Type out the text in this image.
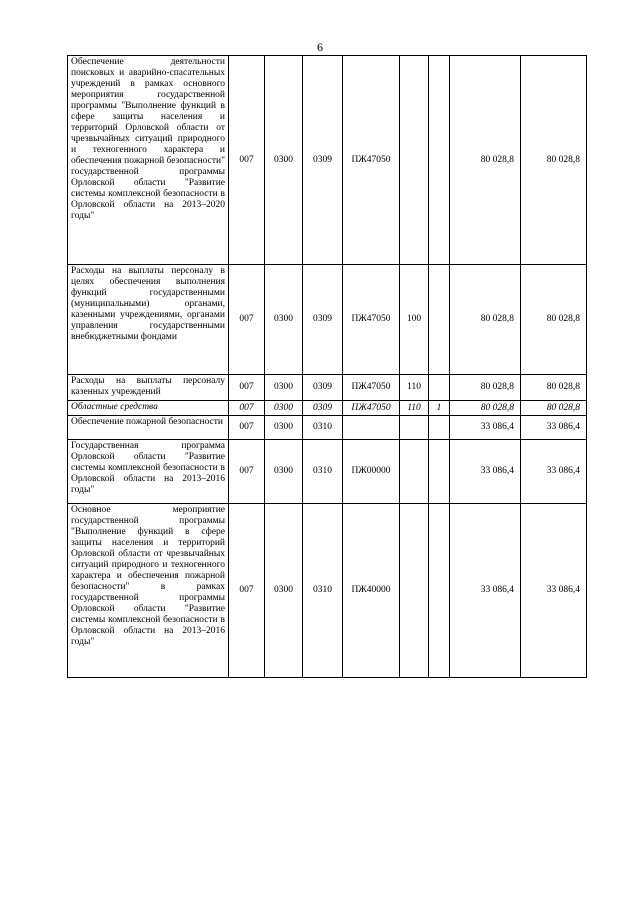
6
Обеспечение деятельности поисковых и аварийно-спасательных учреждений в рамках основного мероприятия государственной программы "Выполнение функций в сфере защиты населения и территорий Орловской области от чрезвычайных ситуаций природного и техногенного характера и обеспечения пожарной безопасности" государственной программы Орловской области "Развитие системы комплексной безопасности в Орловской области на 2013–2020 годы"	007	0300	0309	ПЖ47050			80 028,8	80 028,8
Расходы на выплаты персоналу в целях обеспечения выполнения функций государственными (муниципальными) органами, казенными учреждениями, органами управления государственными внебюджетными фондами	007	0300	0309	ПЖ47050	100		80 028,8	80 028,8
Расходы на выплаты персоналу казенных учреждений	007	0300	0309	ПЖ47050	110		80 028,8	80 028,8
Областные средства	007	0300	0309	ПЖ47050	110	1	80 028,8	80 028,8
Обеспечение пожарной безопасности	007	0300	0310				33 086,4	33 086,4
Государственная программа Орловской области "Развитие системы комплексной безопасности в Орловской области на 2013–2016 годы"	007	0300	0310	ПЖ00000			33 086,4	33 086,4
Основное мероприятие государственной программы "Выполнение функций в сфере защиты населения и территорий Орловской области от чрезвычайных ситуаций природного и техногенного характера и обеспечения пожарной безопасности" в рамках государственной программы Орловской области "Развитие системы комплексной безопасности в Орловской области на 2013–2016 годы"	007	0300	0310	ПЖ40000			33 086,4	33 086,4
